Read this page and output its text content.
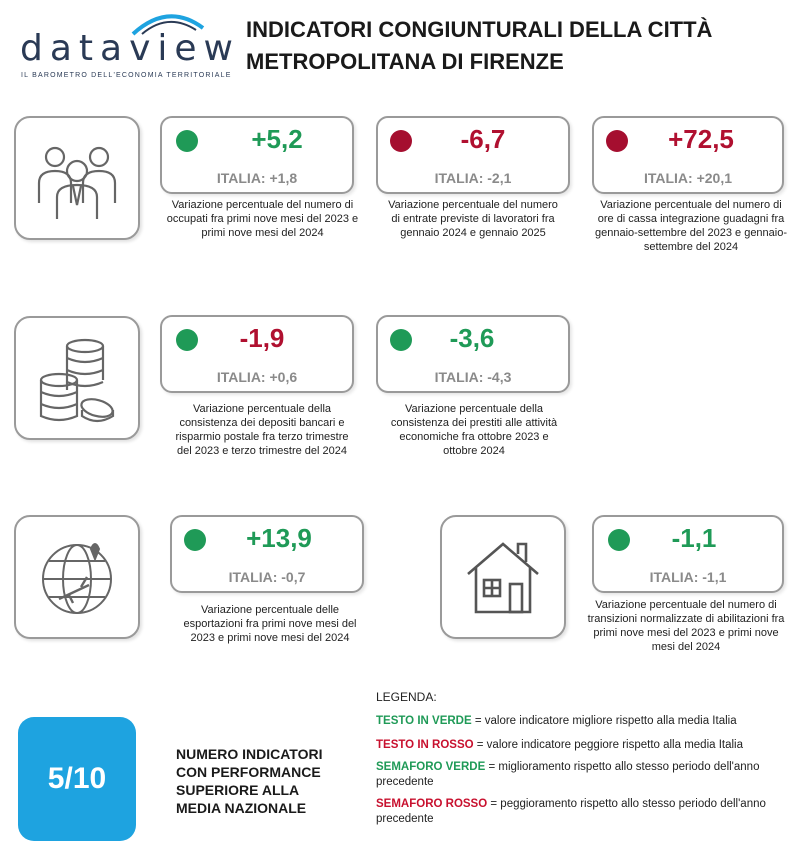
dataview
IL BAROMETRO DELL'ECONOMIA TERRITORIALE
INDICATORI CONGIUNTURALI DELLA CITTÀ
METROPOLITANA DI FIRENZE
+5,2
ITALIA: +1,8
Variazione percentuale del numero di occupati fra primi nove mesi del 2023 e primi nove mesi del 2024
-6,7
ITALIA: -2,1
Variazione percentuale del numero di entrate previste di lavoratori fra gennaio 2024 e gennaio 2025
+72,5
ITALIA: +20,1
Variazione percentuale del numero di ore di cassa integrazione guadagni fra gennaio-settembre del 2023 e gennaio-settembre del 2024
-1,9
ITALIA: +0,6
Variazione percentuale della consistenza dei depositi bancari e risparmio postale fra terzo trimestre del 2023 e terzo trimestre del 2024
-3,6
ITALIA: -4,3
Variazione percentuale della consistenza dei prestiti alle attività economiche fra ottobre 2023 e ottobre 2024
+13,9
ITALIA: -0,7
Variazione percentuale delle esportazioni fra primi nove mesi del 2023 e primi nove mesi del 2024
-1,1
ITALIA: -1,1
Variazione percentuale del numero di transizioni normalizzate di abilitazioni fra primi nove mesi del 2023 e primi nove mesi del 2024
5/10
NUMERO INDICATORI CON PERFORMANCE SUPERIORE ALLA MEDIA NAZIONALE
LEGENDA:
TESTO IN VERDE = valore indicatore migliore rispetto alla media Italia
TESTO IN ROSSO = valore indicatore peggiore rispetto alla media Italia
SEMAFORO VERDE = miglioramento rispetto allo stesso periodo dell'anno precedente
SEMAFORO ROSSO = peggioramento rispetto allo stesso periodo dell'anno precedente
